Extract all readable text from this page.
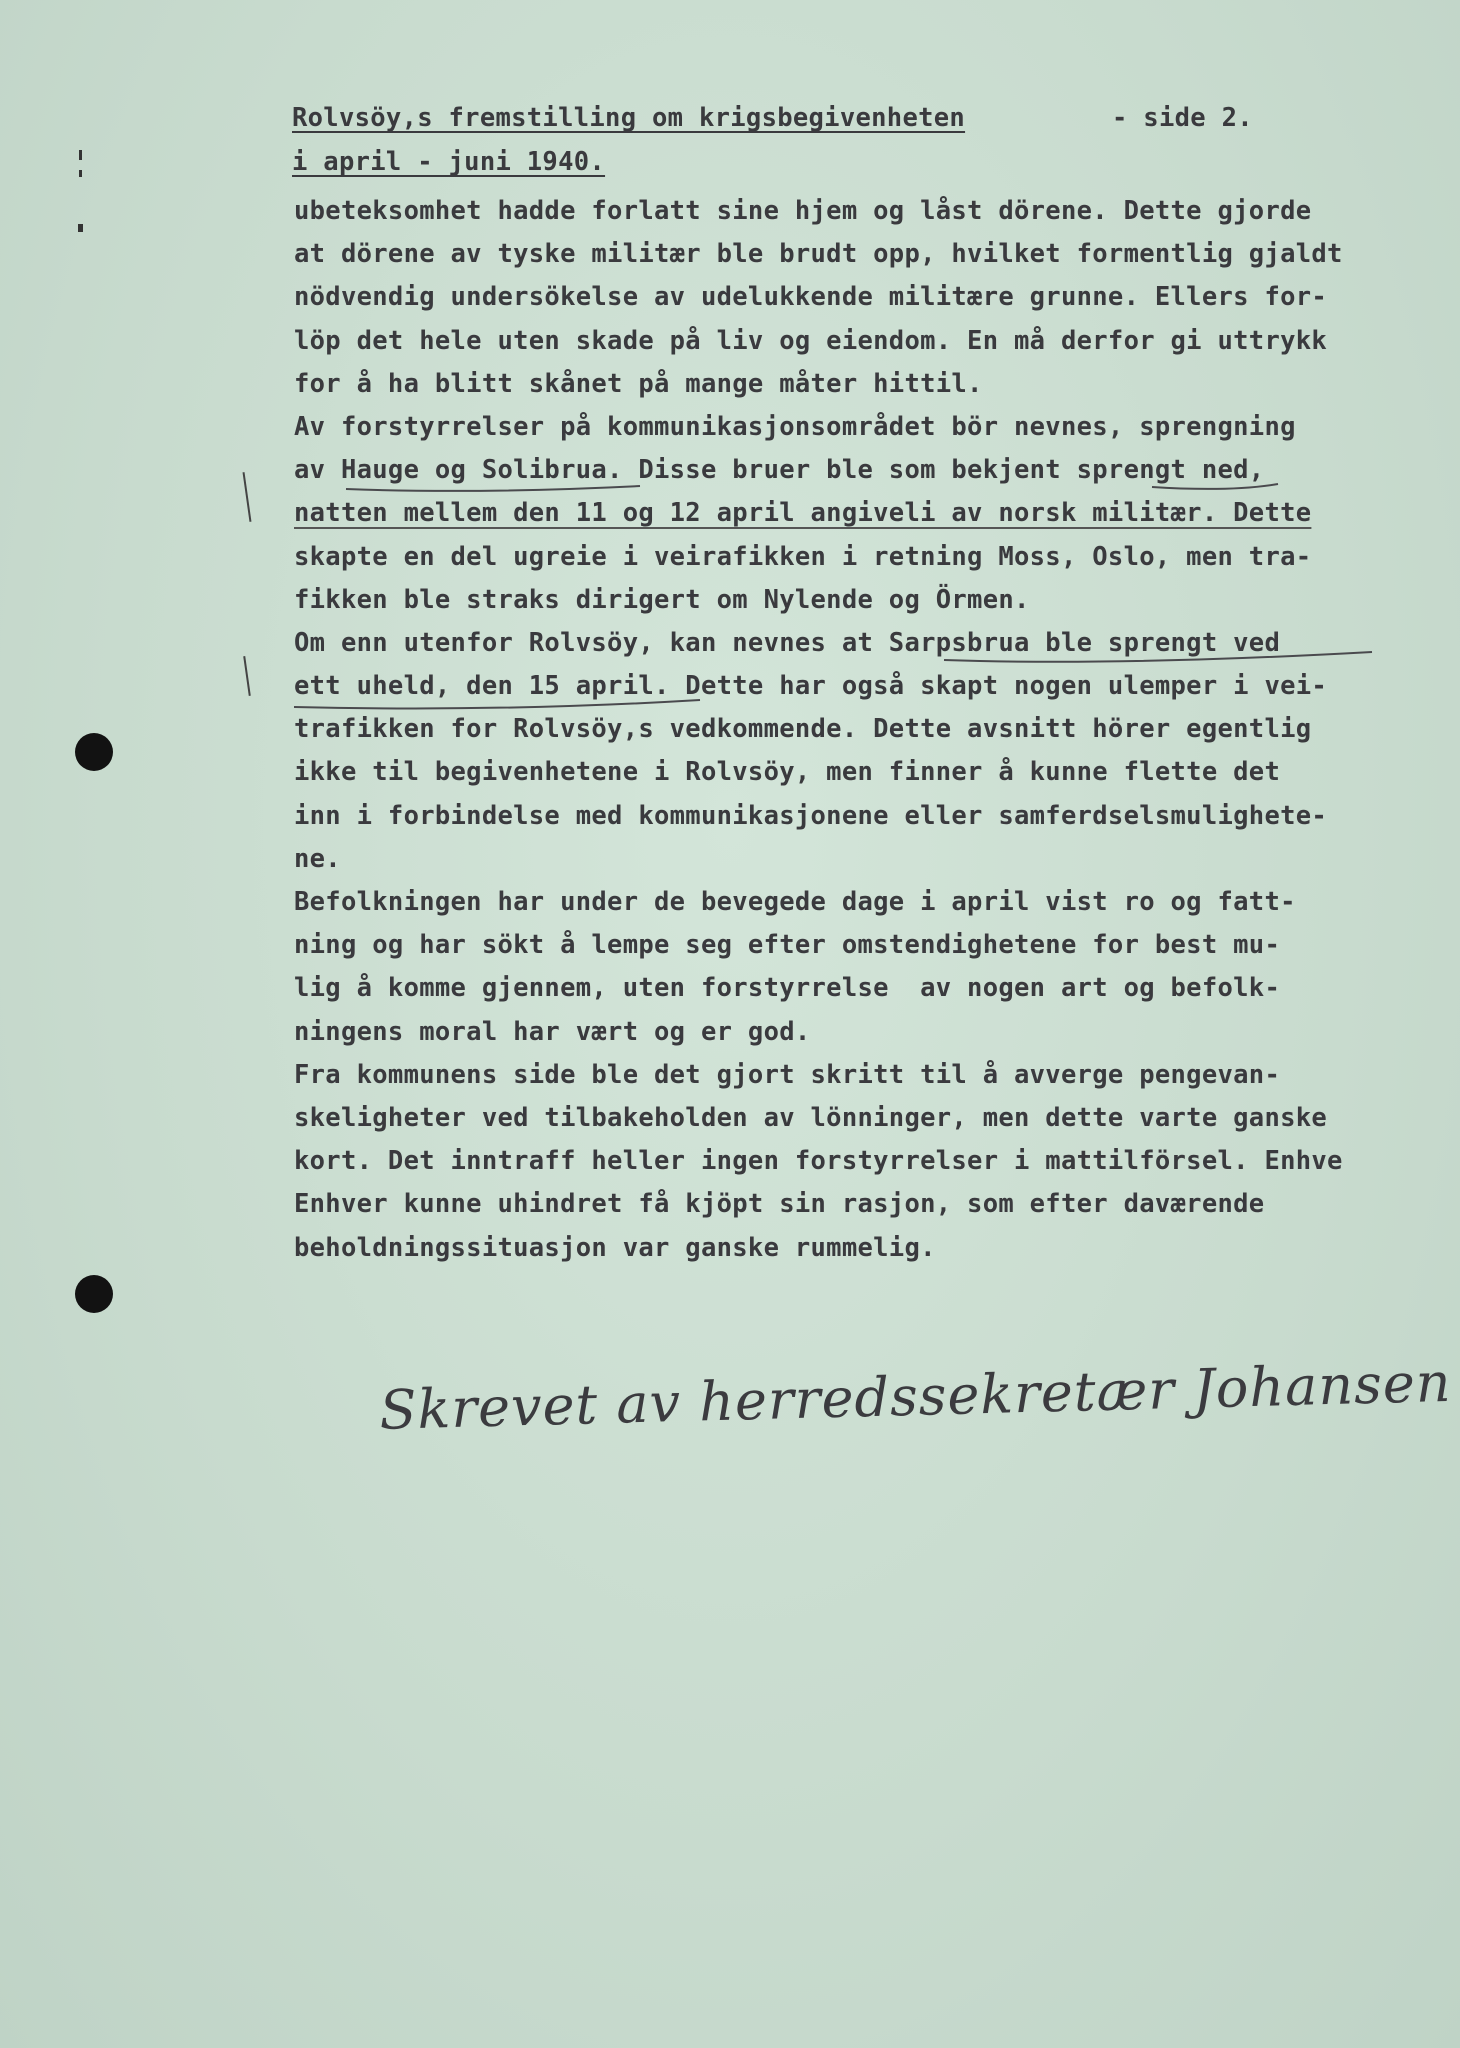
Rolvsöy,s fremstilling om krigsbegivenheten	- side 2.
i april - juni 1940.
ubeteksomhet hadde forlatt sine hjem og låst dörene. Dette gjorde
at dörene av tyske militær ble brudt opp, hvilket formentlig gjaldt
nödvendig undersökelse av udelukkende militære grunne. Ellers for-
löp det hele uten skade på liv og eiendom. En må derfor gi uttrykk
for å ha blitt skånet på mange måter hittil.
Av forstyrrelser på kommunikasjonsområdet bör nevnes, sprengning
av Hauge og Solibrua. Disse bruer ble som bekjent sprengt ned,
natten mellem den 11 og 12 april angiveli av norsk militær. Dette
skapte en del ugreie i veirafikken i retning Moss, Oslo, men tra-
fikken ble straks dirigert om Nylende og Örmen.
Om enn utenfor Rolvsöy, kan nevnes at Sarpsbrua ble sprengt ved
ett uheld, den 15 april. Dette har også skapt nogen ulemper i vei-
trafikken for Rolvsöy,s vedkommende. Dette avsnitt hörer egentlig
ikke til begivenhetene i Rolvsöy, men finner å kunne flette det
inn i forbindelse med kommunikasjonene eller samferdselsmulighete-
ne.
Befolkningen har under de bevegede dage i april vist ro og fatt-
ning og har sökt å lempe seg efter omstendighetene for best mu-
lig å komme gjennem, uten forstyrrelse  av nogen art og befolk-
ningens moral har vært og er god.
Fra kommunens side ble det gjort skritt til å avverge pengevan-
skeligheter ved tilbakeholden av lönninger, men dette varte ganske
kort. Det inntraff heller ingen forstyrrelser i mattilförsel. Enhve
Enhver kunne uhindret få kjöpt sin rasjon, som efter daværende
beholdningssituasjon var ganske rummelig.
Skrevet av herredssekretær Johansen
